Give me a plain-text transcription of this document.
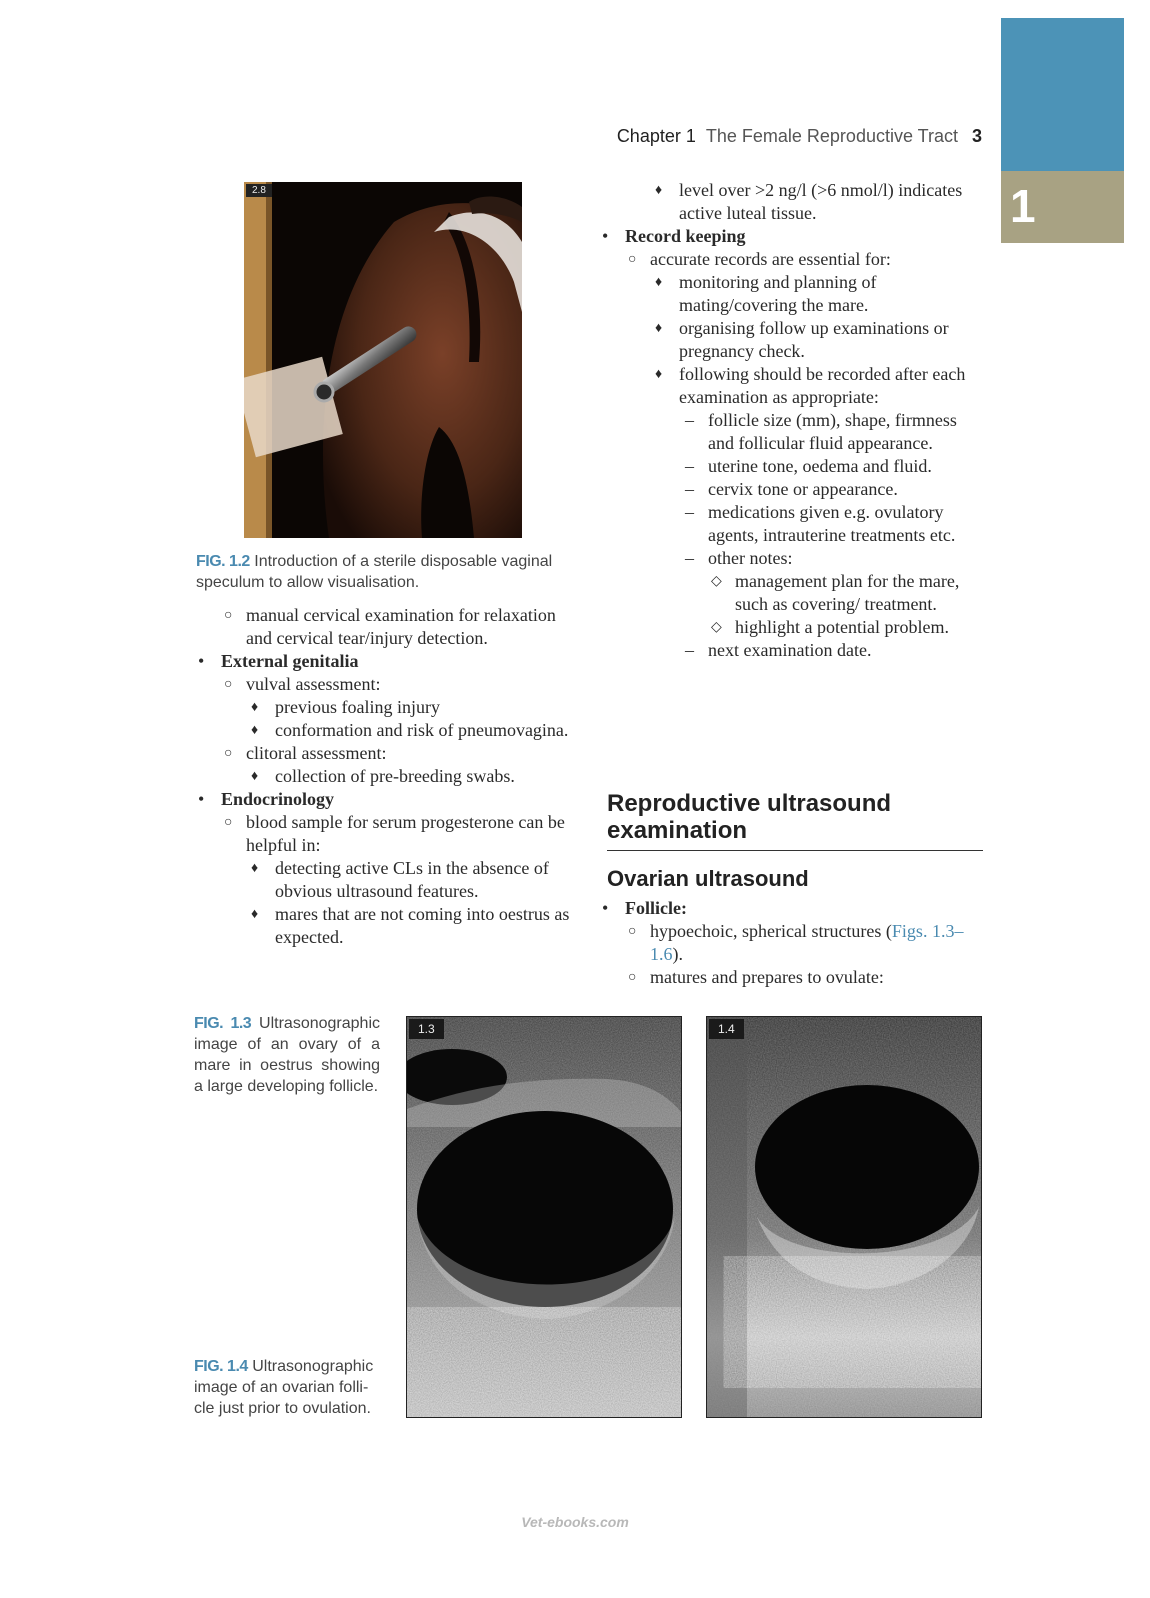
1
Chapter 1 The Female Reproductive Tract 3
2.8
FIG. 1.2 Introduction of a sterile disposable vaginal speculum to allow visualisation.
○ manual cervical examination for relaxation and cervical tear/injury detection.
• External genitalia
○ vulval assessment:
♦ previous foaling injury
♦ conformation and risk of pneumovagina.
○ clitoral assessment:
♦ collection of pre-breeding swabs.
• Endocrinology
○ blood sample for serum progesterone can be helpful in:
♦ detecting active CLs in the absence of obvious ultrasound features.
♦ mares that are not coming into oestrus as expected.
♦ level over >2 ng/l (>6 nmol/l) indicates active luteal tissue.
• Record keeping
○ accurate records are essential for:
♦ monitoring and planning of mating/covering the mare.
♦ organising follow up examinations or pregnancy check.
♦ following should be recorded after each examination as appropriate:
– follicle size (mm), shape, firmness and follicular fluid appearance.
– uterine tone, oedema and fluid.
– cervix tone or appearance.
– medications given e.g. ovulatory agents, intrauterine treatments etc.
– other notes:
◇ management plan for the mare, such as covering/ treatment.
◇ highlight a potential problem.
– next examination date.
Reproductive ultrasound examination
Ovarian ultrasound
• Follicle:
○ hypoechoic, spherical structures (Figs. 1.3–1.6).
○ matures and prepares to ovulate:
FIG. 1.3 Ultrasonographic image of an ovary of a mare in oestrus showing a large developing follicle.
FIG. 1.4 Ultrasonographic image of an ovarian follicle just prior to ovulation.
1.3	1.4
Vet-ebooks.com
